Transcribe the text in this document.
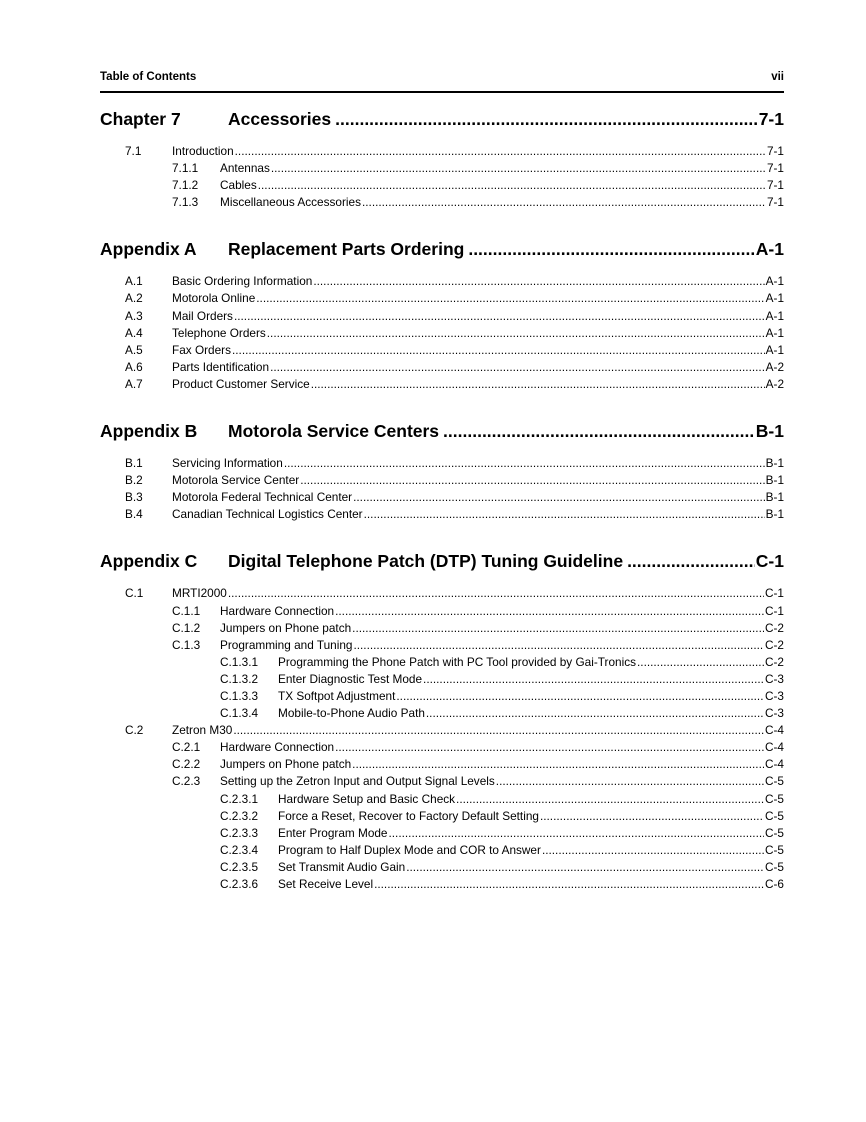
Table of Contents	vii
Chapter 7	Accessories .....	7-1
7.1	Introduction .....	7-1
7.1.1	Antennas .....	7-1
7.1.2	Cables .....	7-1
7.1.3	Miscellaneous Accessories .....	7-1
Appendix A	Replacement Parts Ordering .....	A-1
A.1	Basic Ordering Information .....	A-1
A.2	Motorola Online .....	A-1
A.3	Mail Orders .....	A-1
A.4	Telephone Orders .....	A-1
A.5	Fax Orders .....	A-1
A.6	Parts Identification .....	A-2
A.7	Product Customer Service .....	A-2
Appendix B	Motorola Service Centers .....	B-1
B.1	Servicing Information .....	B-1
B.2	Motorola Service Center .....	B-1
B.3	Motorola Federal Technical Center .....	B-1
B.4	Canadian Technical Logistics Center .....	B-1
Appendix C	Digital Telephone Patch (DTP) Tuning Guideline .....	C-1
C.1	MRTI2000 .....	C-1
C.1.1	Hardware Connection .....	C-1
C.1.2	Jumpers on Phone patch .....	C-2
C.1.3	Programming and Tuning .....	C-2
C.1.3.1	Programming the Phone Patch with PC Tool provided by Gai-Tronics .....	C-2
C.1.3.2	Enter Diagnostic Test Mode .....	C-3
C.1.3.3	TX Softpot Adjustment .....	C-3
C.1.3.4	Mobile-to-Phone Audio Path .....	C-3
C.2	Zetron M30 .....	C-4
C.2.1	Hardware Connection .....	C-4
C.2.2	Jumpers on Phone patch .....	C-4
C.2.3	Setting up the Zetron Input and Output Signal Levels .....	C-5
C.2.3.1	Hardware Setup and Basic Check .....	C-5
C.2.3.2	Force a Reset, Recover to Factory Default Setting .....	C-5
C.2.3.3	Enter Program Mode .....	C-5
C.2.3.4	Program to Half Duplex Mode and COR to Answer .....	C-5
C.2.3.5	Set Transmit Audio Gain .....	C-5
C.2.3.6	Set Receive Level .....	C-6
